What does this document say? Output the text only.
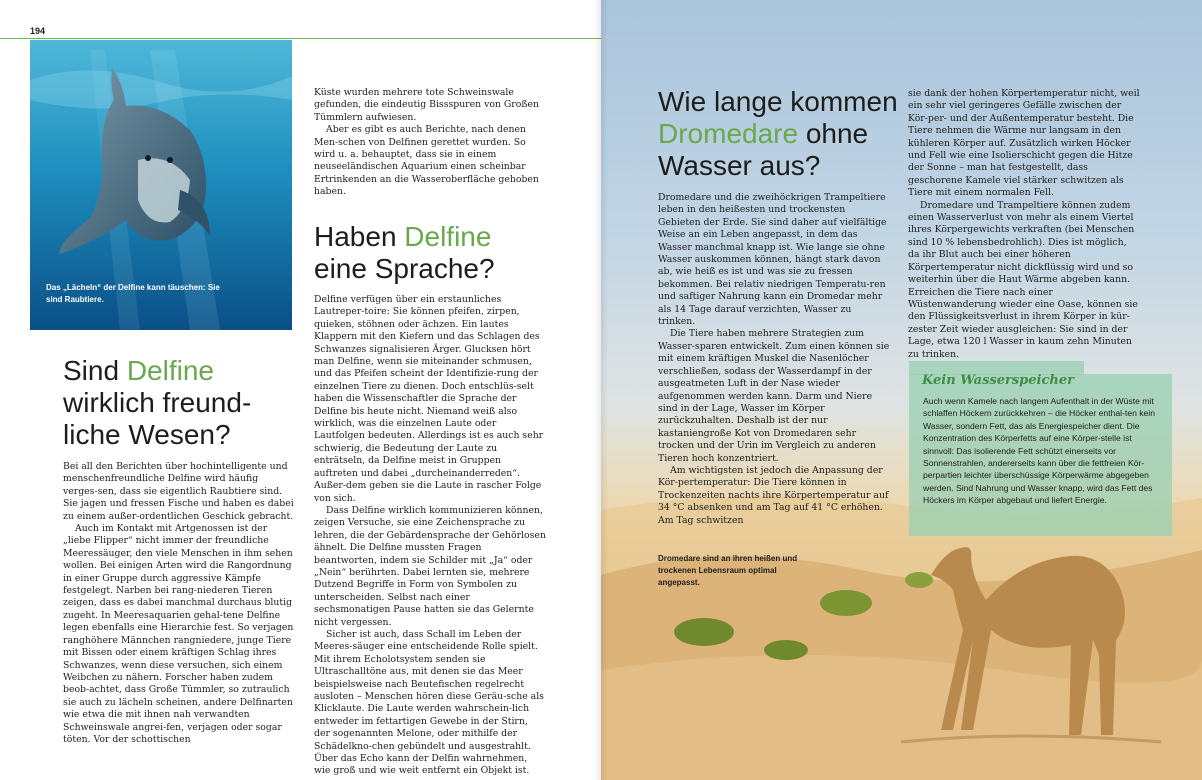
194
Das „Lächeln“ der Delfine kann täuschen: Sie sind Raubtiere.
Sind Delfine wirklich freund-liche Wesen?

Bei all den Berichten über hochintelligente und menschenfreundliche Delfine wird häufig verges-sen, dass sie eigentlich Raubtiere sind. Sie jagen und fressen Fische und haben es dabei zu einem außer-ordentlichen Geschick gebracht.

Auch im Kontakt mit Artgenossen ist der „liebe Flipper“ nicht immer der freundliche Meeressäuger, den viele Menschen in ihm sehen wollen. Bei einigen Arten wird die Rangordnung in einer Gruppe durch aggressive Kämpfe festgelegt. Narben bei rang-niederen Tieren zeigen, dass es dabei manchmal durchaus blutig zugeht. In Meeresaquarien gehal-tene Delfine legen ebenfalls eine Hierarchie fest. So verjagen ranghöhere Männchen rangniedere, junge Tiere mit Bissen oder einem kräftigen Schlag ihres Schwanzes, wenn diese versuchen, sich einem Weibchen zu nähern. Forscher haben zudem beob-achtet, dass Große Tümmler, so zutraulich sie auch zu lächeln scheinen, andere Delfinarten wie etwa die mit ihnen nah verwandten Schweinswale angrei-fen, verjagen oder sogar töten. Vor der schottischen

Küste wurden mehrere tote Schweinswale gefunden, die eindeutig Bissspuren von Großen Tümmlern aufwiesen.

Aber es gibt es auch Berichte, nach denen Men-schen von Delfinen gerettet wurden. So wird u. a. behauptet, dass sie in einem neuseeländischen Aquarium einen scheinbar Ertrinkenden an die Wasseroberfläche gehoben haben.

Haben Delfine eine Sprache?

Delfine verfügen über ein erstaunliches Lautreper-toire: Sie können pfeifen, zirpen, quieken, stöhnen oder ächzen. Ein lautes Klappern mit den Kiefern und das Schlagen des Schwanzes signalisieren Ärger. Glucksen hört man Delfine, wenn sie miteinander schmusen, und das Pfeifen scheint der Identifizie-rung der einzelnen Tiere zu dienen. Doch entschlüs-selt haben die Wissenschaftler die Sprache der Delfine bis heute nicht. Niemand weiß also wirklich, was die einzelnen Laute oder Lautfolgen bedeuten. Allerdings ist es auch sehr schwierig, die Bedeutung der Laute zu enträtseln, da Delfine meist in Gruppen auftreten und dabei „durcheinanderreden“. Außer-dem geben sie die Laute in rascher Folge von sich.

Dass Delfine wirklich kommunizieren können, zeigen Versuche, sie eine Zeichensprache zu lehren, die der Gebärdensprache der Gehörlosen ähnelt. Die Delfine mussten Fragen beantworten, indem sie Schilder mit „Ja“ oder „Nein“ berührten. Dabei lernten sie, mehrere Dutzend Begriffe in Form von Symbolen zu unterscheiden. Selbst nach einer sechsmonatigen Pause hatten sie das Gelernte nicht vergessen.

Sicher ist auch, dass Schall im Leben der Meeres-säuger eine entscheidende Rolle spielt. Mit ihrem Echolotsystem senden sie Ultraschalltöne aus, mit denen sie das Meer beispielsweise nach Beutefischen regelrecht ausloten – Menschen hören diese Geräu-sche als Klicklaute. Die Laute werden wahrschein-lich entweder im fettartigen Gewebe in der Stirn, der sogenannten Melone, oder mithilfe der Schädelkno-chen gebündelt und ausgestrahlt. Über das Echo kann der Delfin wahrnehmen, wie groß und wie weit entfernt ein Objekt ist.

Wie lange kommen Dromedare ohne Wasser aus?

Dromedare und die zweihöckrigen Trampeltiere leben in den heißesten und trockensten Gebieten der Erde. Sie sind daher auf vielfältige Weise an ein Leben angepasst, in dem das Wasser manchmal knapp ist. Wie lange sie ohne Wasser auskommen können, hängt stark davon ab, wie heiß es ist und was sie zu fressen bekommen. Bei relativ niedrigen Temperatu-ren und saftiger Nahrung kann ein Dromedar mehr als 14 Tage darauf verzichten, Wasser zu trinken.

Die Tiere haben mehrere Strategien zum Wasser-sparen entwickelt. Zum einen können sie mit einem kräftigen Muskel die Nasenlöcher verschließen, sodass der Wasserdampf in der ausgeatmeten Luft in der Nase wieder aufgenommen werden kann. Darm und Niere sind in der Lage, Wasser im Körper zurückzuhalten. Deshalb ist der nur kastaniengroße Kot von Dromedaren sehr trocken und der Urin im Vergleich zu anderen Tieren hoch konzentriert.

Am wichtigsten ist jedoch die Anpassung der Kör-pertemperatur: Die Tiere können in Trockenzeiten nachts ihre Körpertemperatur auf 34 °C absenken und am Tag auf 41 °C erhöhen. Am Tag schwitzen

sie dank der hohen Körpertemperatur nicht, weil ein sehr viel geringeres Gefälle zwischen der Kör-per- und der Außentemperatur besteht. Die Tiere nehmen die Wärme nur langsam in den kühleren Körper auf. Zusätzlich wirken Höcker und Fell wie eine Isolierschicht gegen die Hitze der Sonne – man hat festgestellt, dass geschorene Kamele viel stärker schwitzen als Tiere mit einem normalen Fell.

Dromedare und Trampeltiere können zudem einen Wasserverlust von mehr als einem Viertel ihres Körpergewichts verkraften (bei Menschen sind 10 % lebensbedrohlich). Dies ist möglich, da ihr Blut auch bei einer höheren Körpertemperatur nicht dickflüssig wird und so weiterhin über die Haut Wärme abgeben kann. Erreichen die Tiere nach einer Wüstenwanderung wieder eine Oase, können sie den Flüssigkeitsverlust in ihrem Körper in kür-zester Zeit wieder ausgleichen: Sie sind in der Lage, etwa 120 l Wasser in kaum zehn Minuten zu trinken.

Kein Wasserspeicher
Auch wenn Kamele nach langem Aufenthalt in der Wüste mit schlaffen Höckern zurückkehren – die Höcker enthal-ten kein Wasser, sondern Fett, das als Energiespeicher dient. Die Konzentration des Körperfetts auf eine Körper-stelle ist sinnvoll: Das isolierende Fett schützt einerseits vor Sonnenstrahlen, andererseits kann über die fettfreien Kör-perpartien leichter überschüssige Körperwärme abgegeben werden. Sind Nahrung und Wasser knapp, wird das Fett des Höckers im Körper abgebaut und liefert Energie.
Dromedare sind an ihren heißen und trockenen Lebensraum optimal angepasst.
